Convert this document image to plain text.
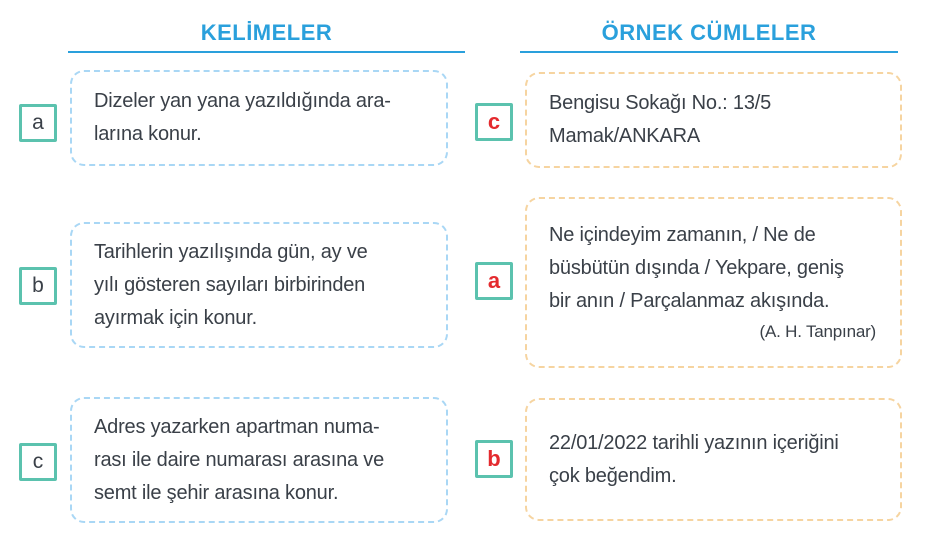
KELİMELER	ÖRNEK CÜMLELER
a
b
c
Dizeler yan yana yazıldığında ara-
larına konur.
Tarihlerin yazılışında gün, ay ve
yılı gösteren sayıları birbirinden
ayırmak için konur.
Adres yazarken apartman numa-
rası ile daire numarası arasına ve
semt ile şehir arasına konur.
c
a
b
Bengisu Sokağı No.: 13/5
Mamak/ANKARA
Ne içindeyim zamanın, / Ne de
büsbütün dışında / Yekpare, geniş
bir anın / Parçalanmaz akışında.
(A. H. Tanpınar)
22/01/2022 tarihli yazının içeriğini
çok beğendim.
